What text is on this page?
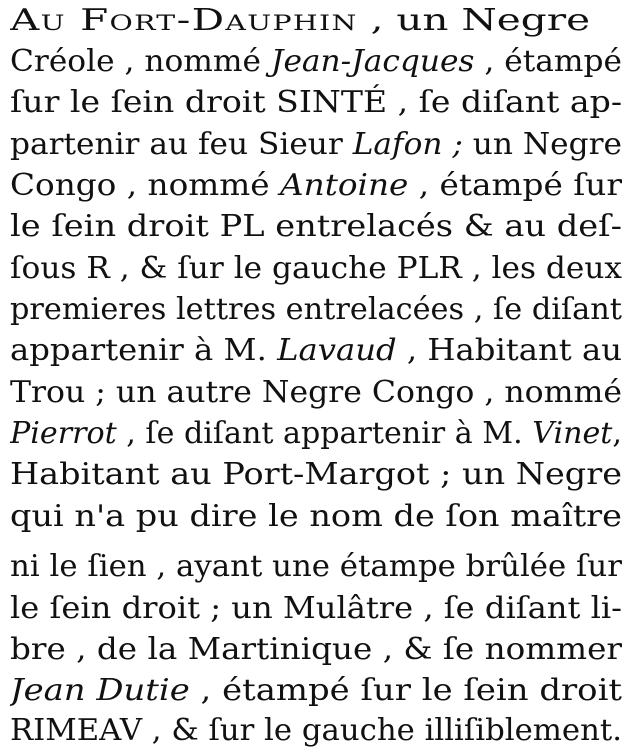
Au Fort-Dauphin , un Negre
Créole , nommé Jean-Jacques , étampé
ſur le ſein droit SINTÉ , ſe diſant ap-
partenir au feu Sieur Lafon ; un Negre
Congo , nommé Antoine , étampé ſur
le ſein droit PL entrelacés & au deſ-
ſous R , & ſur le gauche PLR , les deux
premieres lettres entrelacées , ſe diſant
appartenir à M. Lavaud , Habitant au
Trou ; un autre Negre Congo , nommé
Pierrot , ſe diſant appartenir à M. Vinet,
Habitant au Port-Margot ; un Negre
qui n'a pu dire le nom de ſon maître
ni le ſien , ayant une étampe brûlée ſur
le ſein droit ; un Mulâtre , ſe diſant li-
bre , de la Martinique , & ſe nommer
Jean Dutie , étampé ſur le ſein droit
RIMEAV , & ſur le gauche illiſiblement.
